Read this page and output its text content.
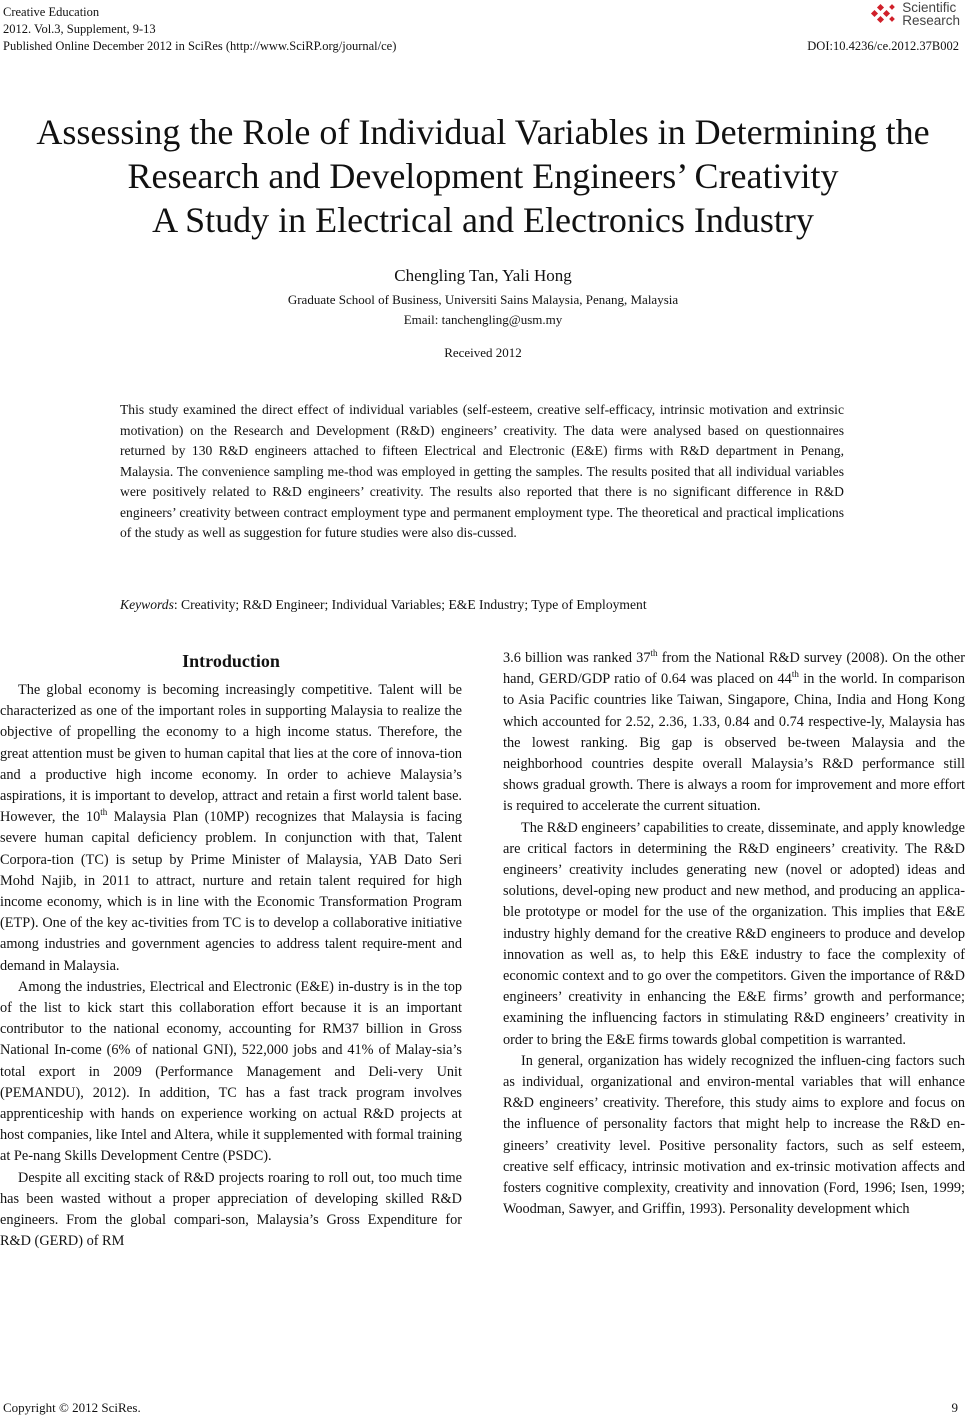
Creative Education
2012. Vol.3, Supplement, 9-13
Published Online December 2012 in SciRes (http://www.SciRP.org/journal/ce)
Scientific
Research
DOI:10.4236/ce.2012.37B002
Assessing the Role of Individual Variables in Determining the
Research and Development Engineers’ Creativity
A Study in Electrical and Electronics Industry
Chengling Tan, Yali Hong
Graduate School of Business, Universiti Sains Malaysia, Penang, Malaysia
Email: tanchengling@usm.my
Received 2012

This study examined the direct effect of individual variables (self-esteem, creative self-efficacy, intrinsic motivation and extrinsic motivation) on the Research and Development (R&D) engineers’ creativity. The data were analysed based on questionnaires returned by 130 R&D engineers attached to fifteen Electrical and Electronic (E&E) firms with R&D department in Penang, Malaysia. The convenience sampling me-thod was employed in getting the samples. The results posited that all individual variables were positively related to R&D engineers’ creativity. The results also reported that there is no significant difference in R&D engineers’ creativity between contract employment type and permanent employment type. The theoretical and practical implications of the study as well as suggestion for future studies were also dis-cussed.

Keywords: Creativity; R&D Engineer; Individual Variables; E&E Industry; Type of Employment

Introduction

The global economy is becoming increasingly competitive. Talent will be characterized as one of the important roles in supporting Malaysia to realize the objective of propelling the economy to a high income status. Therefore, the great attention must be given to human capital that lies at the core of innova-tion and a productive high income economy. In order to achieve Malaysia’s aspirations, it is important to develop, attract and retain a first world talent base. However, the 10th Malaysia Plan (10MP) recognizes that Malaysia is facing severe human capital deficiency problem. In conjunction with that, Talent Corpora-tion (TC) is setup by Prime Minister of Malaysia, YAB Dato Seri Mohd Najib, in 2011 to attract, nurture and retain talent required for high income economy, which is in line with the Economic Transformation Program (ETP). One of the key ac-tivities from TC is to develop a collaborative initiative among industries and government agencies to address talent require-ment and demand in Malaysia.

Among the industries, Electrical and Electronic (E&E) in-dustry is in the top of the list to kick start this collaboration effort because it is an important contributor to the national economy, accounting for RM37 billion in Gross National In-come (6% of national GNI), 522,000 jobs and 41% of Malay-sia’s total export in 2009 (Performance Management and Deli-very Unit (PEMANDU), 2012). In addition, TC has a fast track program involves apprenticeship with hands on experience working on actual R&D projects at host companies, like Intel and Altera, while it supplemented with formal training at Pe-nang Skills Development Centre (PSDC).

Despite all exciting stack of R&D projects roaring to roll out, too much time has been wasted without a proper appreciation of developing skilled R&D engineers. From the global compari-son, Malaysia’s Gross Expenditure for R&D (GERD) of RM

3.6 billion was ranked 37th from the National R&D survey (2008). On the other hand, GERD/GDP ratio of 0.64 was placed on 44th in the world. In comparison to Asia Pacific countries like Taiwan, Singapore, China, India and Hong Kong which accounted for 2.52, 2.36, 1.33, 0.84 and 0.74 respective-ly, Malaysia has the lowest ranking. Big gap is observed be-tween Malaysia and the neighborhood countries despite overall Malaysia’s R&D performance still shows gradual growth. There is always a room for improvement and more effort is required to accelerate the current situation.

The R&D engineers’ capabilities to create, disseminate, and apply knowledge are critical factors in determining the R&D engineers’ creativity. The R&D engineers’ creativity includes generating new (novel or adopted) ideas and solutions, devel-oping new product and new method, and producing an applica-ble prototype or model for the use of the organization. This implies that E&E industry highly demand for the creative R&D engineers to produce and develop innovation as well as, to help this E&E industry to face the complexity of economic context and to go over the competitors. Given the importance of R&D engineers’ creativity in enhancing the E&E firms’ growth and performance; examining the influencing factors in stimulating R&D engineers’ creativity in order to bring the E&E firms towards global competition is warranted.

In general, organization has widely recognized the influen-cing factors such as individual, organizational and environ-mental variables that will enhance R&D engineers’ creativity. Therefore, this study aims to explore and focus on the influence of personality factors that might help to increase the R&D en-gineers’ creativity level. Positive personality factors, such as self esteem, creative self efficacy, intrinsic motivation and ex-trinsic motivation affects and fosters cognitive complexity, creativity and innovation (Ford, 1996; Isen, 1999; Woodman, Sawyer, and Griffin, 1993). Personality development which

Copyright © 2012 SciRes.	9
